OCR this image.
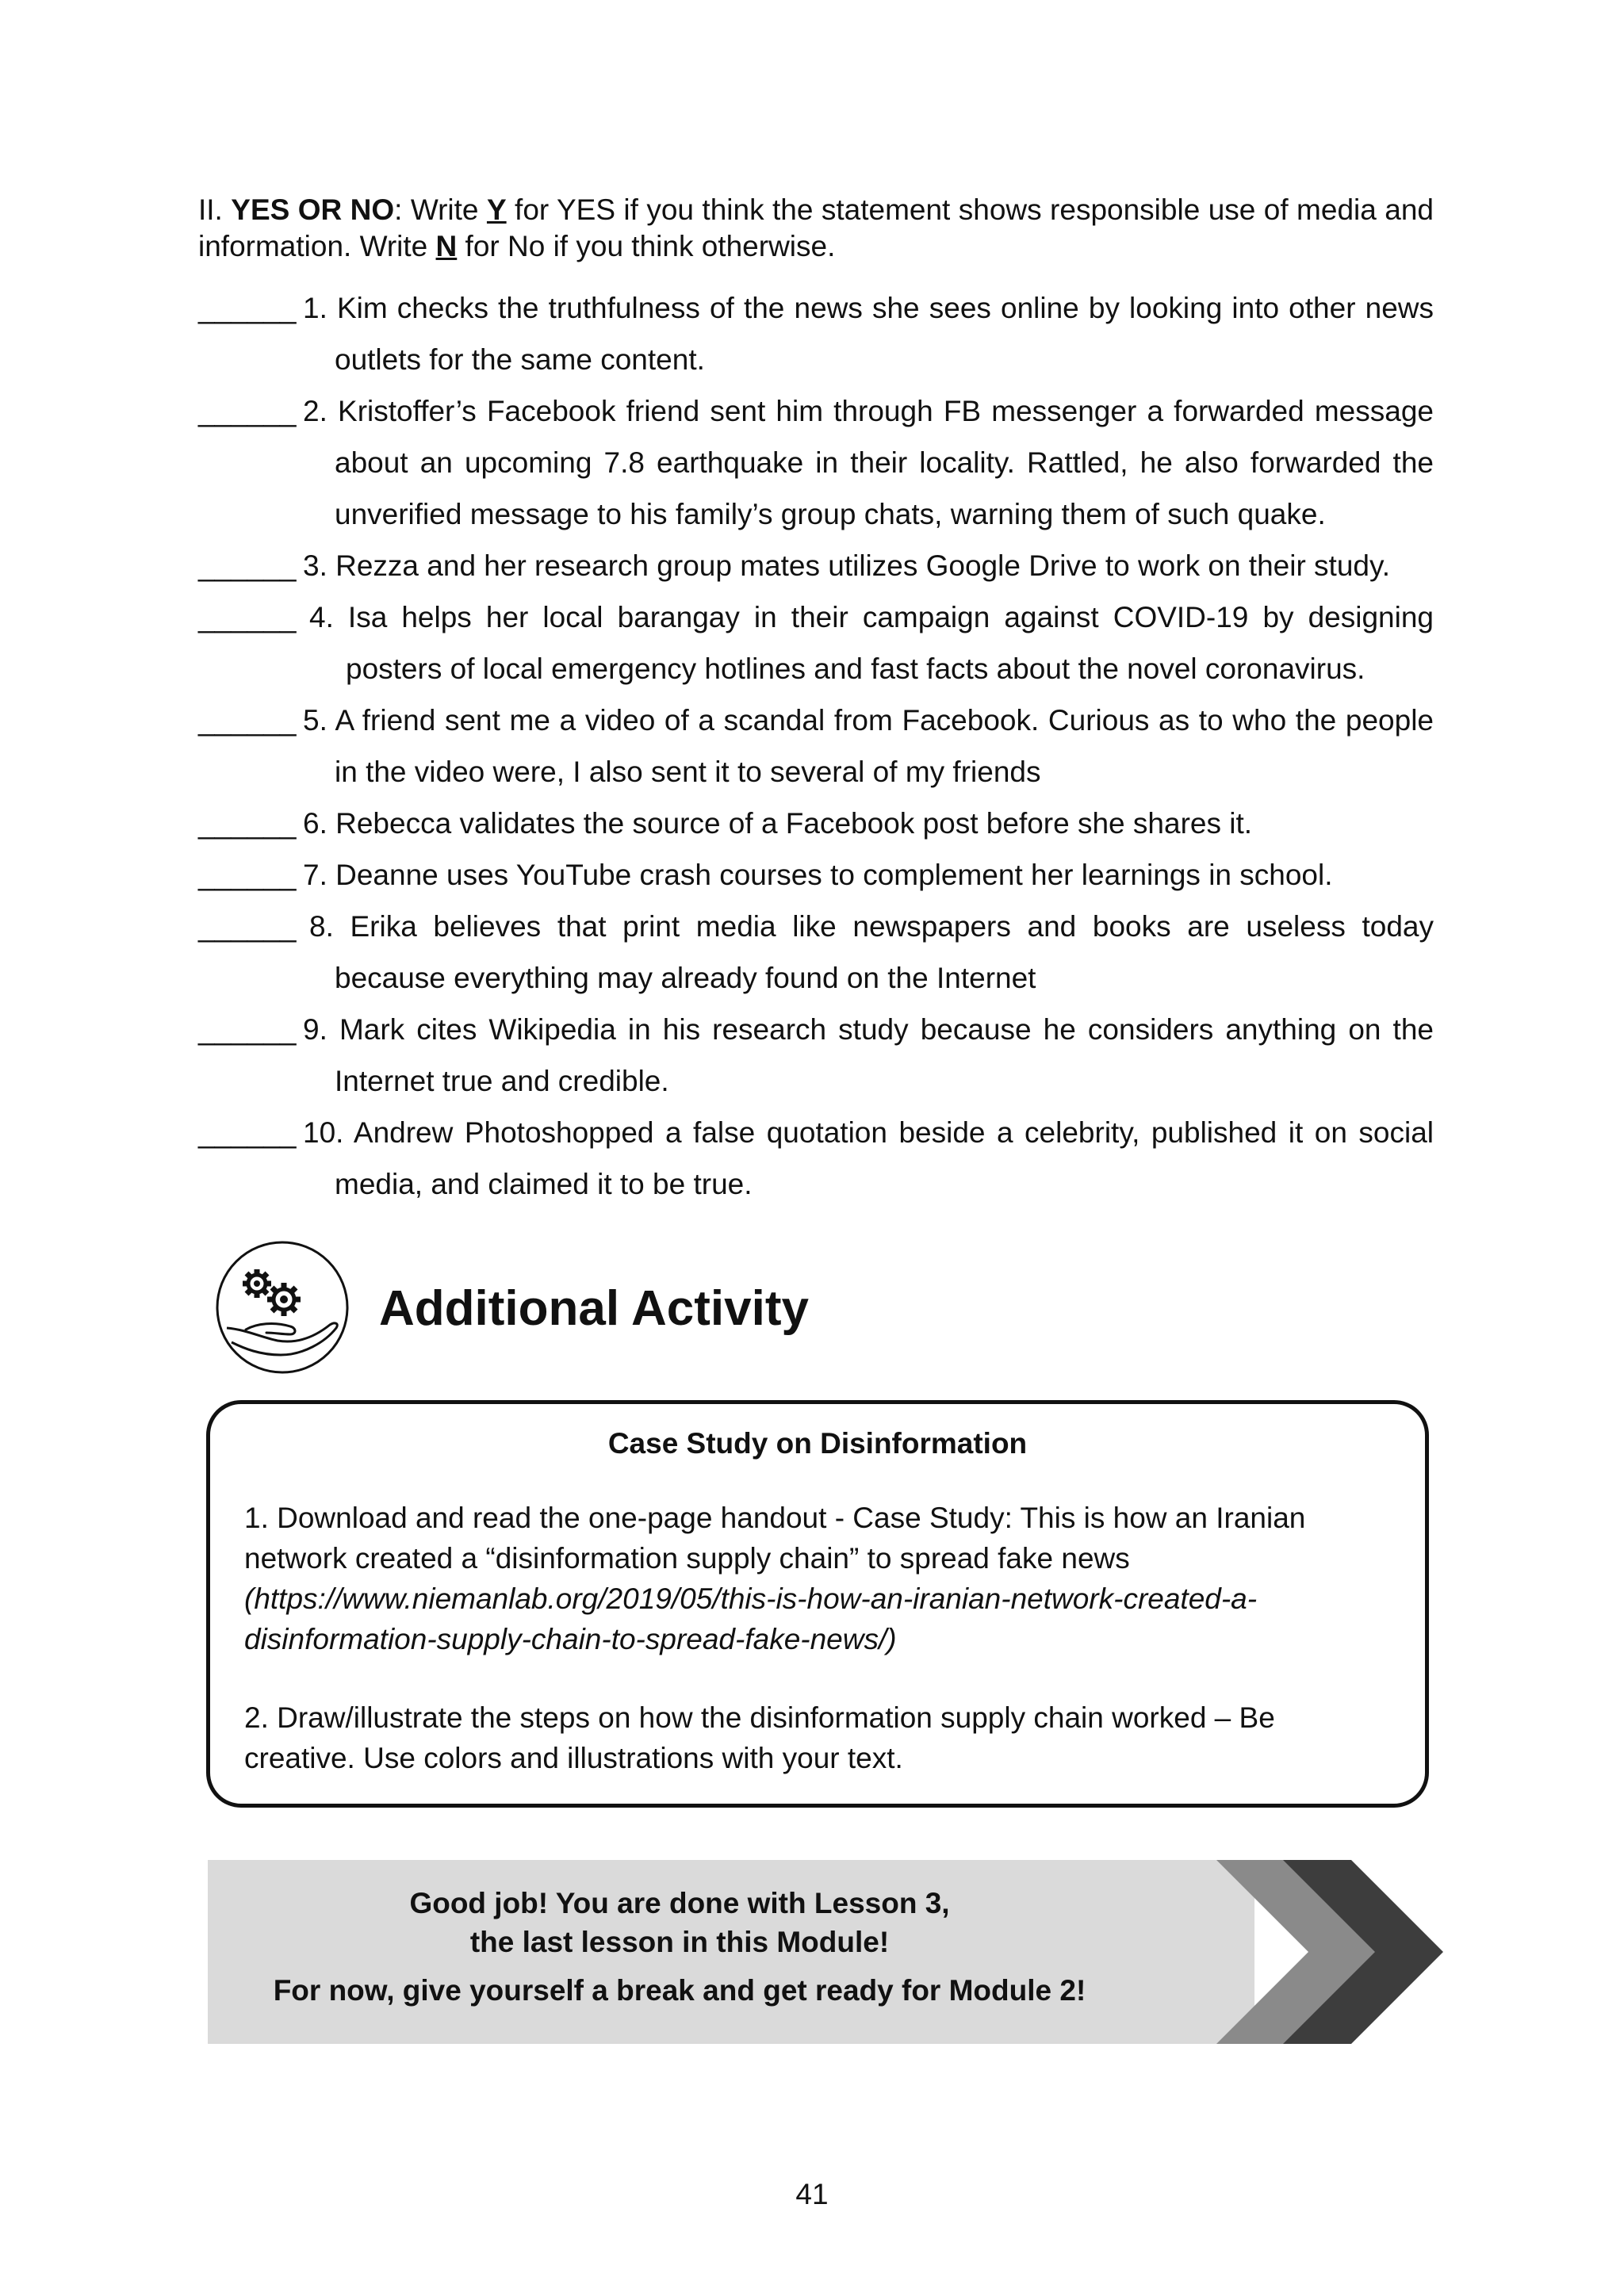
II. YES OR NO: Write Y for YES if you think the statement shows responsible use of media and information. Write N for No if you think otherwise.
______ 1. Kim checks the truthfulness of the news she sees online by looking into other news
outlets for the same content.
______ 2. Kristoffer’s Facebook friend sent him through FB messenger a forwarded message
about an upcoming 7.8 earthquake in their locality. Rattled, he also forwarded the
unverified message to his family’s group chats, warning them of such quake.
______ 3. Rezza and her research group mates utilizes Google Drive to work on their study.
______ 4. Isa helps her local barangay in their campaign against COVID-19 by designing
posters of local emergency hotlines and fast facts about the novel coronavirus.
______ 5. A friend sent me a video of a scandal from Facebook. Curious as to who the people
in the video were, I also sent it to several of my friends
______ 6. Rebecca validates the source of a Facebook post before she shares it.
______ 7. Deanne uses YouTube crash courses to complement her learnings in school.
______ 8. Erika believes that print media like newspapers and books are useless today
because everything may already found on the Internet
______ 9. Mark cites Wikipedia in his research study because he considers anything on the
Internet true and credible.
______ 10. Andrew Photoshopped a false quotation beside a celebrity, published it on social
media, and claimed it to be true.
Additional Activity
Case Study on Disinformation
1. Download and read the one-page handout - Case Study: This is how an Iranian network created a “disinformation supply chain” to spread fake news (https://www.niemanlab.org/2019/05/this-is-how-an-iranian-network-created-a-disinformation-supply-chain-to-spread-fake-news/)
2. Draw/illustrate the steps on how the disinformation supply chain worked – Be creative. Use colors and illustrations with your text.
Good job! You are done with Lesson 3,
the last lesson in this Module!
For now, give yourself a break and get ready for Module 2!
41
